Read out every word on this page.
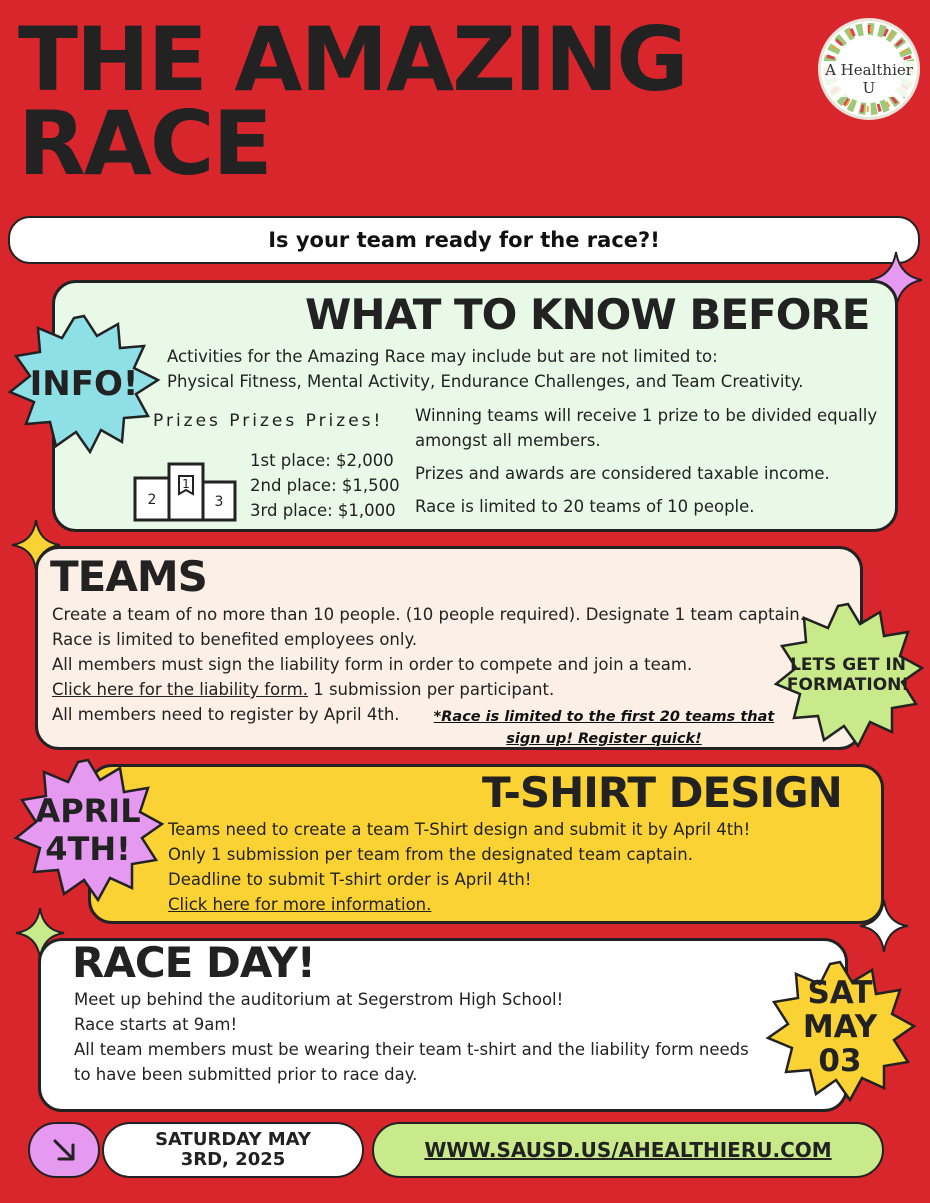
THE AMAZING
RACE
A Healthier U
Is your team ready for the race?!
WHAT TO KNOW BEFORE
Activities for the Amazing Race may include but are not limited to:
Physical Fitness, Mental Activity, Endurance Challenges, and Team Creativity.
Prizes Prizes Prizes!
1
2	3
1st place: $2,000
2nd place: $1,500
3rd place: $1,000

Winning teams will receive 1 prize to be divided equally amongst all members.

Prizes and awards are considered taxable income.

Race is limited to 20 teams of 10 people.

INFO!
TEAMS
Create a team of no more than 10 people. (10 people required). Designate 1 team captain.
Race is limited to benefited employees only.
All members must sign the liability form in order to compete and join a team.
Click here for the liability form. 1 submission per participant.
All members need to register by April 4th.	*Race is limited to the first 20 teams that sign up! Register quick!
LETS GET IN FORMATION!
T-SHIRT DESIGN
Teams need to create a team T-Shirt design and submit it by April 4th!
Only 1 submission per team from the designated team captain.
Deadline to submit T-shirt order is April 4th!
Click here for more information.
APRIL
4TH!
RACE DAY!
Meet up behind the auditorium at Segerstrom High School!
Race starts at 9am!
All team members must be wearing their team t-shirt and the liability form needs
to have been submitted prior to race day.
SAT
MAY
03
SATURDAY MAY
3RD, 2025	WWW.SAUSD.US/AHEALTHIERU.COM
